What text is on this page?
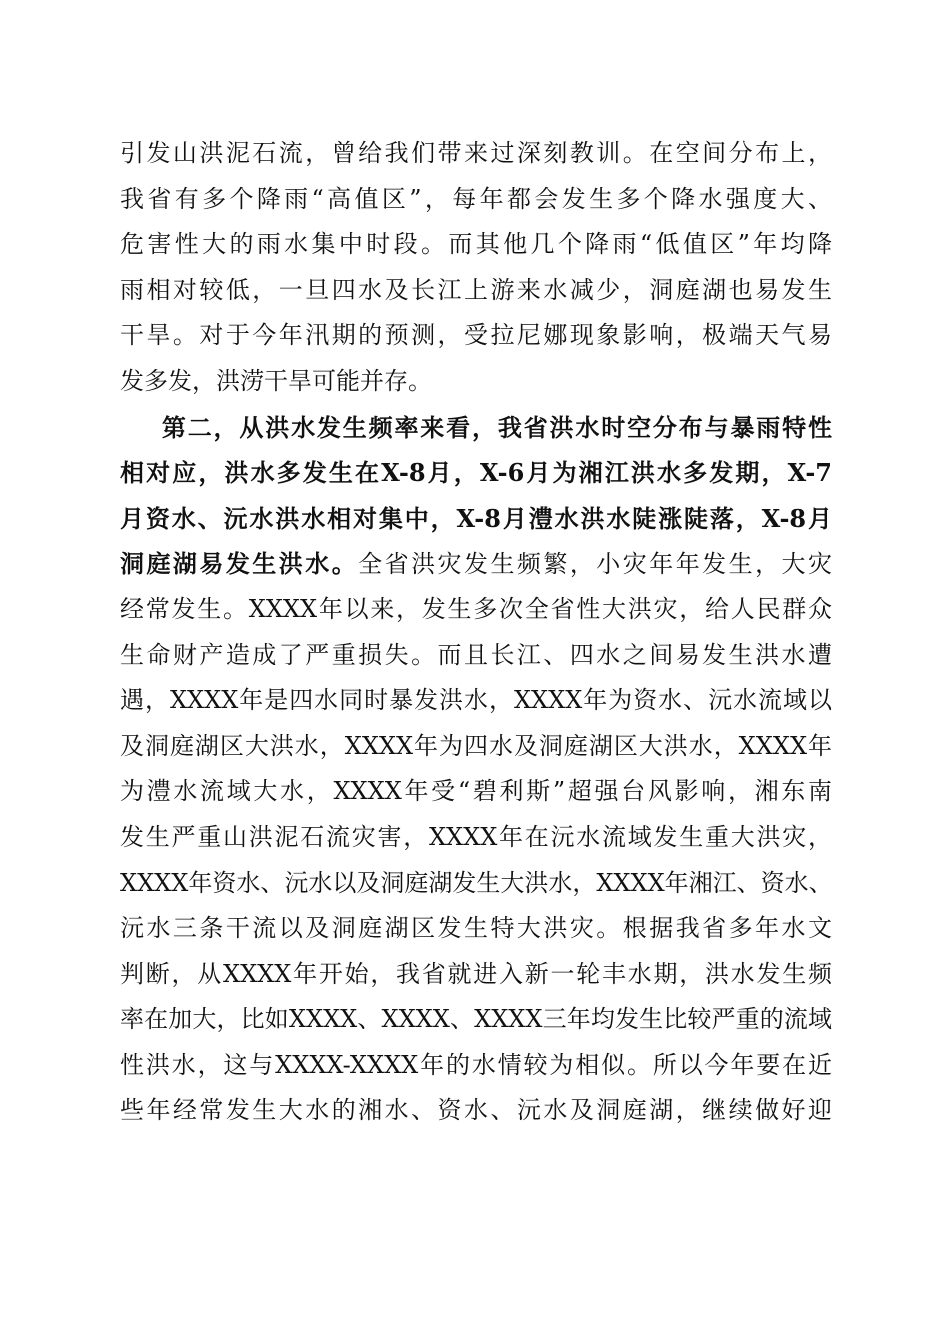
引发山洪泥石流，曾给我们带来过深刻教训。在空间分布上，
我省有多个降雨“高值区”，每年都会发生多个降水强度大、
危害性大的雨水集中时段。而其他几个降雨“低值区”年均降
雨相对较低，一旦四水及长江上游来水减少，洞庭湖也易发生
干旱。对于今年汛期的预测，受拉尼娜现象影响，极端天气易
发多发，洪涝干旱可能并存。
第二，从洪水发生频率来看，我省洪水时空分布与暴雨特性
相对应，洪水多发生在X-8月，X-6月为湘江洪水多发期，X-7
月资水、沅水洪水相对集中，X-8月澧水洪水陡涨陡落，X-8月
洞庭湖易发生洪水。全省洪灾发生频繁，小灾年年发生，大灾
经常发生。XXXX年以来，发生多次全省性大洪灾，给人民群众
生命财产造成了严重损失。而且长江、四水之间易发生洪水遭
遇，XXXX年是四水同时暴发洪水，XXXX年为资水、沅水流域以
及洞庭湖区大洪水，XXXX年为四水及洞庭湖区大洪水，XXXX年
为澧水流域大水，XXXX年受“碧利斯”超强台风影响，湘东南
发生严重山洪泥石流灾害，XXXX年在沅水流域发生重大洪灾，
XXXX年资水、沅水以及洞庭湖发生大洪水，XXXX年湘江、资水、
沅水三条干流以及洞庭湖区发生特大洪灾。根据我省多年水文
判断，从XXXX年开始，我省就进入新一轮丰水期，洪水发生频
率在加大，比如XXXX、XXXX、XXXX三年均发生比较严重的流域
性洪水，这与XXXX-XXXX年的水情较为相似。所以今年要在近
些年经常发生大水的湘水、资水、沅水及洞庭湖，继续做好迎
